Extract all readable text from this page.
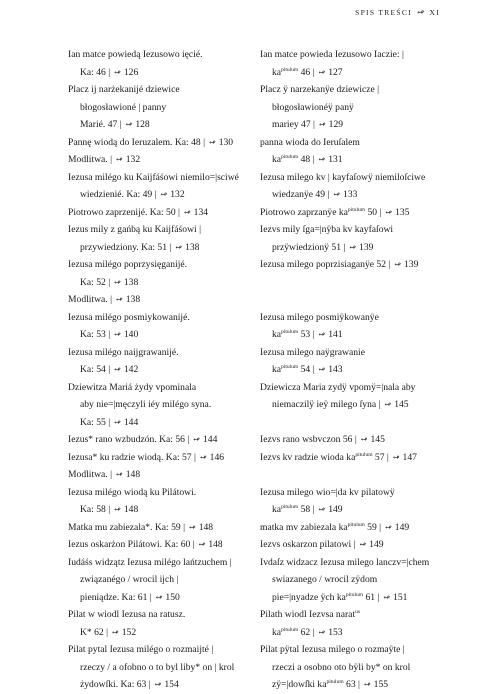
SPIS TREŚCI ↫ XI
Ian matce powiedą Iezusowo ięcié.
Ka: 46 | ↫ 126
Placz ij narżekanijé dziewice
błogosławioné | panny
Marié. 47 | ↫ 128
Pannę wiodą do Ieruzalem. Ka: 48 | ↫ 130
Modlitwa. | ↫ 132
Iezusa milégo ku Kaijfáśowi niemilo=|sciwé
wiedzienié. Ka: 49 | ↫ 132
Piotrowo zaprzenijé. Ka: 50 | ↫ 134
Iezus mily z gańbą ku Kaijfáśowi |
przywiedziony. Ka: 51 | ↫ 138
Iezusa milégo poprzysięganijé.
Ka: 52 | ↫ 138
Modlitwa. | ↫ 138
Iezusa milégo posmiykowanijé.
Ka: 53 | ↫ 140
Iezusa milégo naijgrawanijé.
Ka: 54 | ↫ 142
Dziewitza Mariá żydy vpominala
aby nie=|męczyli iéy milégo syna.
Ka: 55 | ↫ 144
Iezus* rano wzbudzón. Ka: 56 | ↫ 144
Iezusa* ku radzie wiodą. Ka: 57 | ↫ 146
Modlitwa. | ↫ 148
Iezusa milégo wiodą ku Pilátowi.
Ka: 58 | ↫ 148
Matka mu zabiezala*. Ka: 59 | ↫ 148
Iezus oskarżon Pilátowi. Ka: 60 | ↫ 148
Iudáśs widzątz Iezusa milégo lańtzuchem |
związanégo / wrocil ijch |
pieniądze. Ka: 61 | ↫ 150
Pilat w wiodl Iezusa na ratusz.
K* 62 | ↫ 152
Pilat pytal Iezusa milégo o rozmaijté |
rzeczy / a ofobno o to byl liby* on | krol
żydowſki. Ka: 63 | ↫ 154
Ian matce powieda Iezusowo Iaczie: |
$ka^{pitulum}$ 46 | ↫ 127
Placz ÿ narzekanÿe dziewicze |
błogosławionéÿ panÿ
mariey 47 | ↫ 129
panna wioda do Ieruſalem
$ka^{pitulum}$ 48 | ↫ 131
Iezusa milego kv | kayfaſowÿ niemiloſciwe
wiedzanÿe 49 | ↫ 133
Piotrowo zaprzanÿe $ka^{pitulum}$ 50 | ↫ 135
Iezvs mily ſga=|nÿba kv kayfaſowi
przÿwiedzionÿ 51 | ↫ 139
Iezusa milego poprzisiaganÿe 52 | ↫ 139
Iezusa milego posmiÿkowanÿe
$ka^{pitulum}$ 53 | ↫ 141
Iezusa milego naÿgrawanie
$ka^{pitulum}$ 54 | ↫ 143
Dziewicza Maria zydÿ vpomÿ=|nala aby
niemaczilÿ ieÿ milego ſyna | ↫ 145
Iezvs rano wsbvczon 56 | ↫ 145
Iezvs kv radzie wioda $ka^{pitulum}$ 57 | ↫ 147
Iezusa milego wio=|da kv pilatowÿ
$ka^{pitulum}$ 58 | ↫ 149
matka mv zabiezala $ka^{pitulum}$ 59 | ↫ 149
Iezvs oskarzon pilatowi | ↫ 149
Ivdaſz widzacz Iezusa milego lanczv=|chem
swiazanego / wrocil zÿdom
pie=|nyadze ÿch $ka^{pitulum}$ 61 | ↫ 151
Pilath wiodl Iezvsa narat$^{us}$
$ka^{pitulum}$ 62 | ↫ 153
Pilat pÿtal Iezusa milego o rozmaÿte |
rzeczi a osobno oto bÿli by* on krol
zÿ=|dowſki $ka^{pitulum}$ 63 | ↫ 155
